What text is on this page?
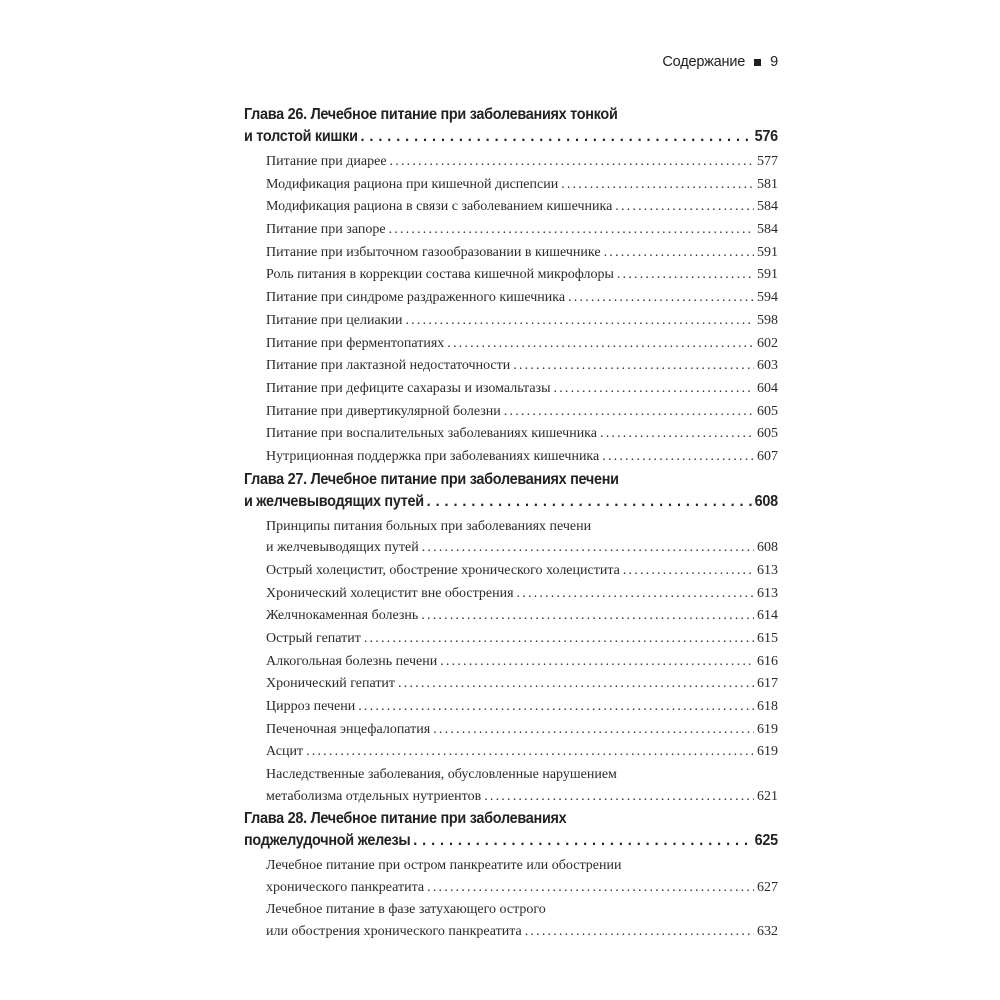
Содержание 9
Глава 26. Лечебное питание при заболеваниях тонкой
и толстой кишки . . .	576
Питание при диарее . . .	577
Модификация рациона при кишечной диспепсии . . .	581
Модификация рациона в связи с заболеванием кишечника . . .	584
Питание при запоре . . .	584
Питание при избыточном газообразовании в кишечнике . . .	591
Роль питания в коррекции состава кишечной микрофлоры . . .	591
Питание при синдроме раздраженного кишечника . . .	594
Питание при целиакии . . .	598
Питание при ферментопатиях . . .	602
Питание при лактазной недостаточности . . .	603
Питание при дефиците сахаразы и изомальтазы . . .	604
Питание при дивертикулярной болезни . . .	605
Питание при воспалительных заболеваниях кишечника . . .	605
Нутриционная поддержка при заболеваниях кишечника . . .	607
Глава 27. Лечебное питание при заболеваниях печени
и желчевыводящих путей . . .	608
Принципы питания больных при заболеваниях печени
и желчевыводящих путей . . .	608
Острый холецистит, обострение хронического холецистита . . .	613
Хронический холецистит вне обострения . . .	613
Желчнокаменная болезнь . . .	614
Острый гепатит . . .	615
Алкогольная болезнь печени . . .	616
Хронический гепатит . . .	617
Цирроз печени . . .	618
Печеночная энцефалопатия . . .	619
Асцит . . .	619
Наследственные заболевания, обусловленные нарушением
метаболизма отдельных нутриентов . . .	621
Глава 28. Лечебное питание при заболеваниях
поджелудочной железы . . .	625
Лечебное питание при остром панкреатите или обострении
хронического панкреатита . . .	627
Лечебное питание в фазе затухающего острого
или обострения хронического панкреатита . . .	632
